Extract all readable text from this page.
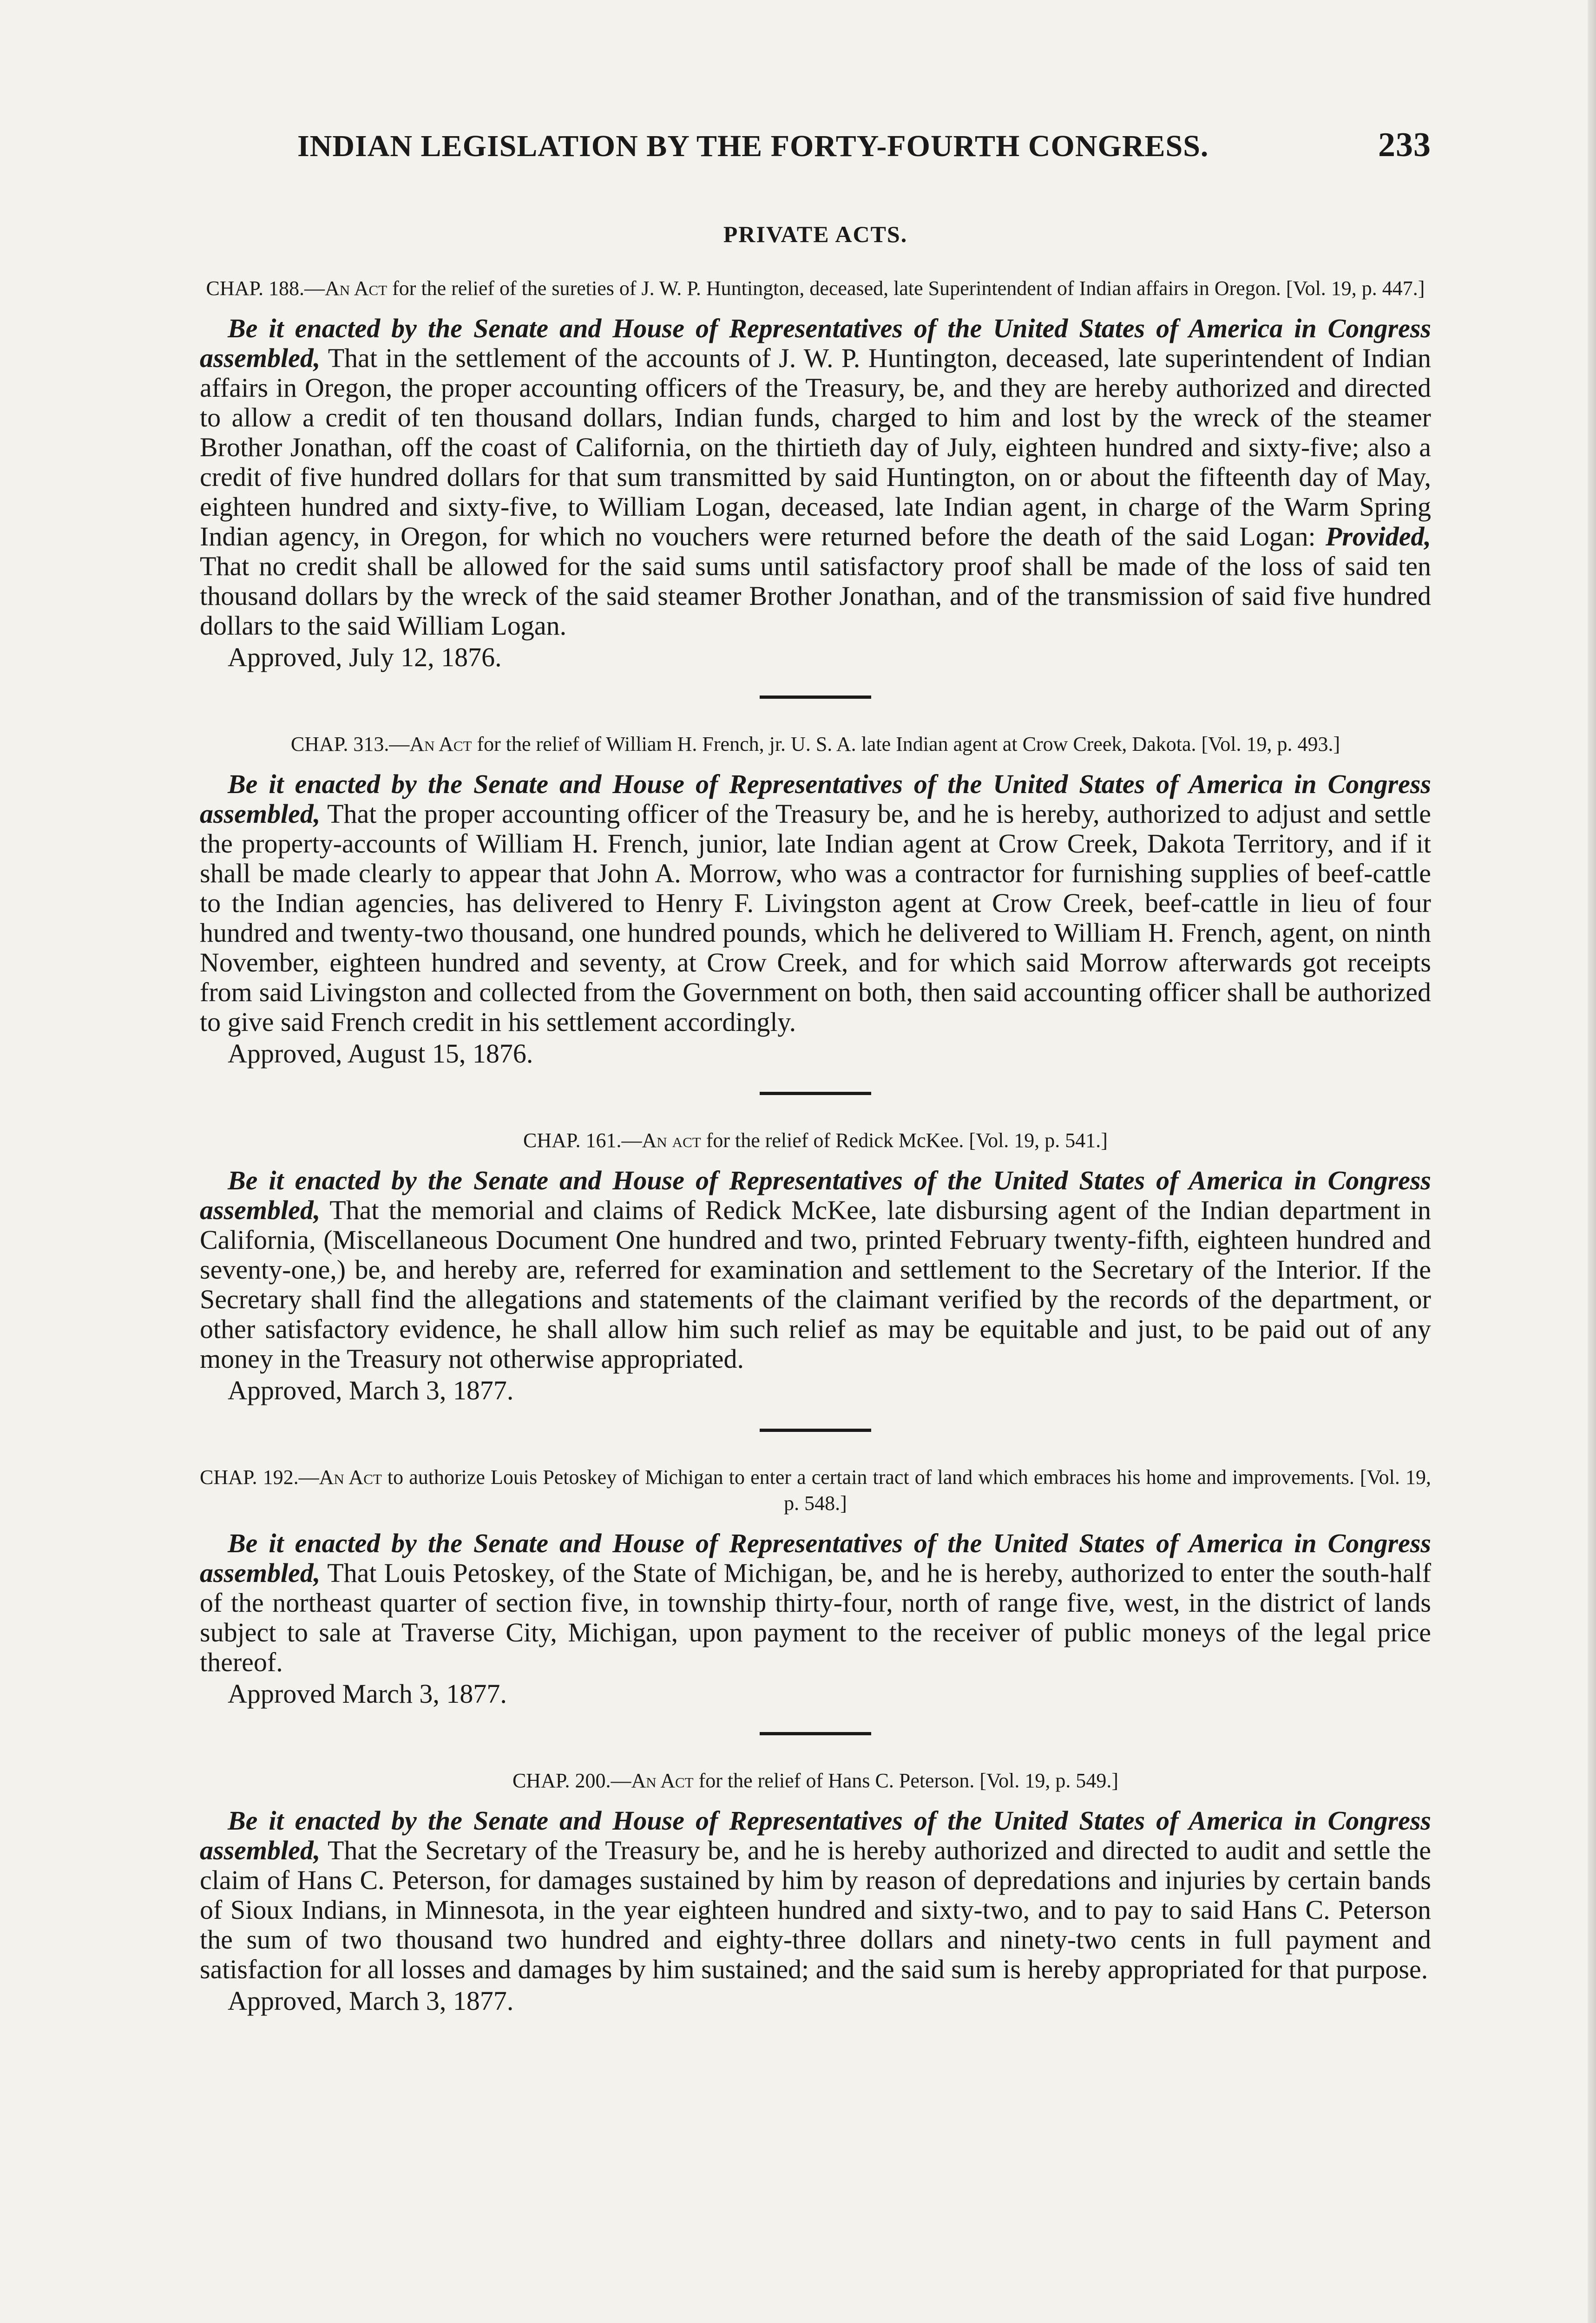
INDIAN LEGISLATION BY THE FORTY-FOURTH CONGRESS.	233
PRIVATE ACTS.
CHAP. 188.—An Act for the relief of the sureties of J. W. P. Huntington, deceased, late Superintendent of Indian affairs in Oregon. [Vol. 19, p. 447.]

Be it enacted by the Senate and House of Representatives of the United States of America in Congress assembled, That in the settlement of the accounts of J. W. P. Huntington, deceased, late superintendent of Indian affairs in Oregon, the proper accounting officers of the Treasury, be, and they are hereby authorized and directed to allow a credit of ten thousand dollars, Indian funds, charged to him and lost by the wreck of the steamer Brother Jonathan, off the coast of California, on the thirtieth day of July, eighteen hundred and sixty-five; also a credit of five hundred dollars for that sum transmitted by said Huntington, on or about the fifteenth day of May, eighteen hundred and sixty-five, to William Logan, deceased, late Indian agent, in charge of the Warm Spring Indian agency, in Oregon, for which no vouchers were returned before the death of the said Logan: Provided, That no credit shall be allowed for the said sums until satisfactory proof shall be made of the loss of said ten thousand dollars by the wreck of the said steamer Brother Jonathan, and of the transmission of said five hundred dollars to the said William Logan.

Approved, July 12, 1876.

CHAP. 313.—An Act for the relief of William H. French, jr. U. S. A. late Indian agent at Crow Creek, Dakota. [Vol. 19, p. 493.]

Be it enacted by the Senate and House of Representatives of the United States of America in Congress assembled, That the proper accounting officer of the Treasury be, and he is hereby, authorized to adjust and settle the property-accounts of William H. French, junior, late Indian agent at Crow Creek, Dakota Territory, and if it shall be made clearly to appear that John A. Morrow, who was a contractor for furnishing supplies of beef-cattle to the Indian agencies, has delivered to Henry F. Livingston agent at Crow Creek, beef-cattle in lieu of four hundred and twenty-two thousand, one hundred pounds, which he delivered to William H. French, agent, on ninth November, eighteen hundred and seventy, at Crow Creek, and for which said Morrow afterwards got receipts from said Livingston and collected from the Government on both, then said accounting officer shall be authorized to give said French credit in his settlement accordingly.

Approved, August 15, 1876.

CHAP. 161.—An act for the relief of Redick McKee. [Vol. 19, p. 541.]

Be it enacted by the Senate and House of Representatives of the United States of America in Congress assembled, That the memorial and claims of Redick McKee, late disbursing agent of the Indian department in California, (Miscellaneous Document One hundred and two, printed February twenty-fifth, eighteen hundred and seventy-one,) be, and hereby are, referred for examination and settlement to the Secretary of the Interior. If the Secretary shall find the allegations and statements of the claimant verified by the records of the department, or other satisfactory evidence, he shall allow him such relief as may be equitable and just, to be paid out of any money in the Treasury not otherwise appropriated.

Approved, March 3, 1877.

CHAP. 192.—An Act to authorize Louis Petoskey of Michigan to enter a certain tract of land which embraces his home and improvements. [Vol. 19, p. 548.]

Be it enacted by the Senate and House of Representatives of the United States of America in Congress assembled, That Louis Petoskey, of the State of Michigan, be, and he is hereby, authorized to enter the south-half of the northeast quarter of section five, in township thirty-four, north of range five, west, in the district of lands subject to sale at Traverse City, Michigan, upon payment to the receiver of public moneys of the legal price thereof.

Approved March 3, 1877.

CHAP. 200.—An Act for the relief of Hans C. Peterson. [Vol. 19, p. 549.]

Be it enacted by the Senate and House of Representatives of the United States of America in Congress assembled, That the Secretary of the Treasury be, and he is hereby authorized and directed to audit and settle the claim of Hans C. Peterson, for damages sustained by him by reason of depredations and injuries by certain bands of Sioux Indians, in Minnesota, in the year eighteen hundred and sixty-two, and to pay to said Hans C. Peterson the sum of two thousand two hundred and eighty-three dollars and ninety-two cents in full payment and satisfaction for all losses and damages by him sustained; and the said sum is hereby appropriated for that purpose.

Approved, March 3, 1877.
